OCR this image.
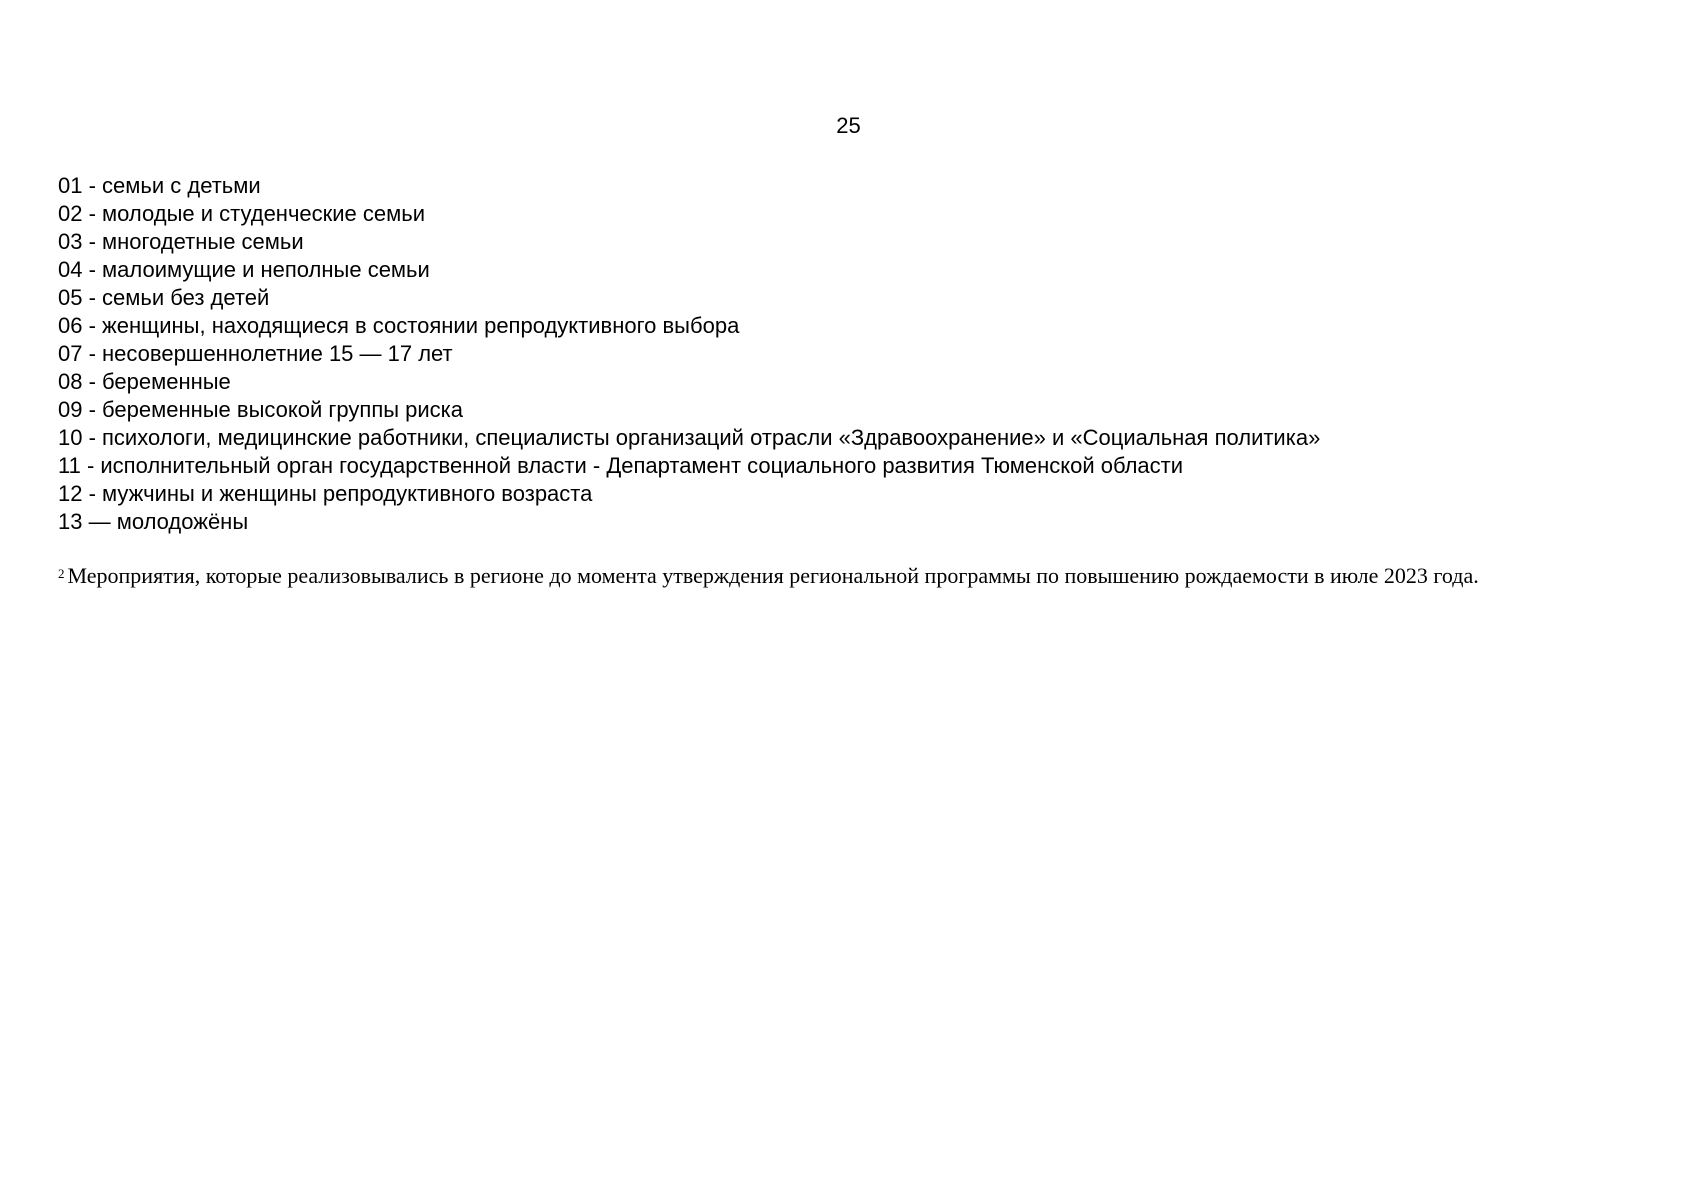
25
01 - семьи с детьми
02 - молодые и студенческие семьи
03 - многодетные семьи
04 - малоимущие и неполные семьи
05 - семьи без детей
06 - женщины, находящиеся в состоянии репродуктивного выбора
07 - несовершеннолетние 15 — 17 лет
08 - беременные
09 - беременные высокой группы риска
10 - психологи, медицинские работники, специалисты организаций отрасли «Здравоохранение» и «Социальная политика»
11 - исполнительный орган государственной власти - Департамент социального развития Тюменской области
12 - мужчины и женщины репродуктивного возраста
13 — молодожёны

$^2$ Мероприятия, которые реализовывались в регионе до момента утверждения региональной программы по повышению рождаемости в июле 2023 года.
